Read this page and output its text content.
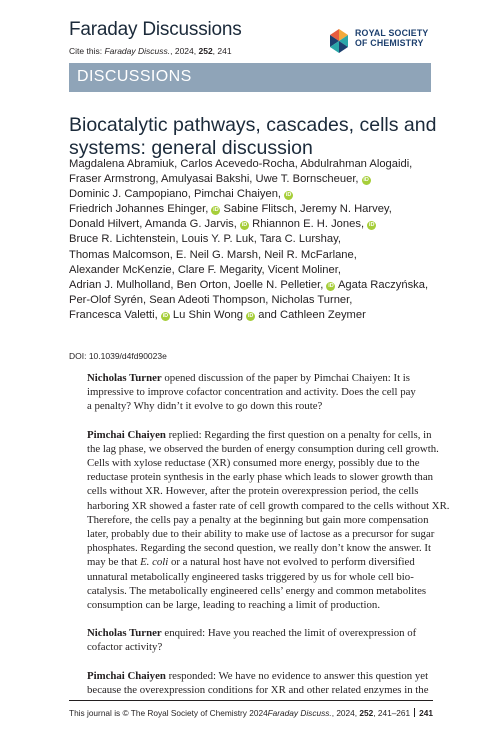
Faraday Discussions
Cite this: Faraday Discuss., 2024, 252, 241
ROYAL SOCIETY
OF CHEMISTRY
DISCUSSIONS
Biocatalytic pathways, cascades, cells and
systems: general discussion
Magdalena Abramiuk, Carlos Acevedo-Rocha, Abdulrahman Alogaidi,
Fraser Armstrong, Amulyasai Bakshi, Uwe T. Bornscheuer, iD
Dominic J. Campopiano, Pimchai Chaiyen, iD
Friedrich Johannes Ehinger, iD Sabine Flitsch, Jeremy N. Harvey,
Donald Hilvert, Amanda G. Jarvis, iD Rhiannon E. H. Jones, iD
Bruce R. Lichtenstein, Louis Y. P. Luk, Tara C. Lurshay,
Thomas Malcomson, E. Neil G. Marsh, Neil R. McFarlane,
Alexander McKenzie, Clare F. Megarity, Vicent Moliner,
Adrian J. Mulholland, Ben Orton, Joelle N. Pelletier, iD Agata Raczyńska,
Per-Olof Syrén, Sean Adeoti Thompson, Nicholas Turner,
Francesca Valetti, iD Lu Shin Wong iD and Cathleen Zeymer
DOI: 10.1039/d4fd90023e
Nicholas Turner opened discussion of the paper by Pimchai Chaiyen: It is
impressive to improve cofactor concentration and activity. Does the cell pay
a penalty? Why didn’t it evolve to go down this route?
Pimchai Chaiyen replied: Regarding the first question on a penalty for cells, in
the lag phase, we observed the burden of energy consumption during cell growth.
Cells with xylose reductase (XR) consumed more energy, possibly due to the
reductase protein synthesis in the early phase which leads to slower growth than
cells without XR. However, after the protein overexpression period, the cells
harboring XR showed a faster rate of cell growth compared to the cells without XR.
Therefore, the cells pay a penalty at the beginning but gain more compensation
later, probably due to their ability to make use of lactose as a precursor for sugar
phosphates. Regarding the second question, we really don’t know the answer. It
may be that E. coli or a natural host have not evolved to perform diversified
unnatural metabolically engineered tasks triggered by us for whole cell bio-
catalysis. The metabolically engineered cells’ energy and common metabolites
consumption can be large, leading to reaching a limit of production.
Nicholas Turner enquired: Have you reached the limit of overexpression of
cofactor activity?
Pimchai Chaiyen responded: We have no evidence to answer this question yet
because the overexpression conditions for XR and other related enzymes in the
This journal is © The Royal Society of Chemistry 2024 Faraday Discuss., 2024, 252, 241–261 241
